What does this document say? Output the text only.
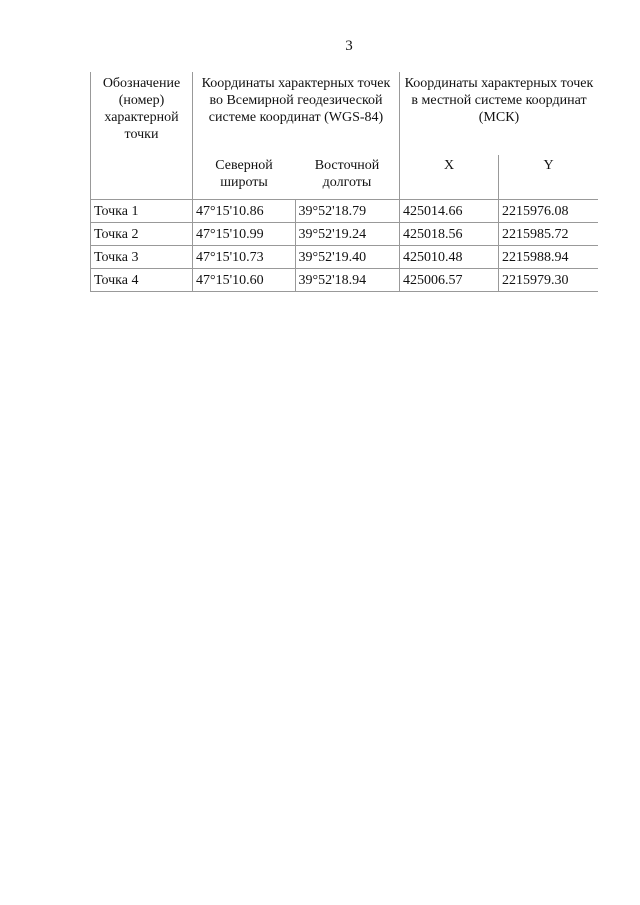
3
Обозначение (номер) характерной точки	Координаты характерных точек во Всемирной геодезической системе координат (WGS-84)		Координаты характерных точек в местной системе координат (МСК)	
	Северной широты	Восточной долготы	X	Y
Точка 1	47°15'10.86	39°52'18.79	425014.66	2215976.08
Точка 2	47°15'10.99	39°52'19.24	425018.56	2215985.72
Точка 3	47°15'10.73	39°52'19.40	425010.48	2215988.94
Точка 4	47°15'10.60	39°52'18.94	425006.57	2215979.30
